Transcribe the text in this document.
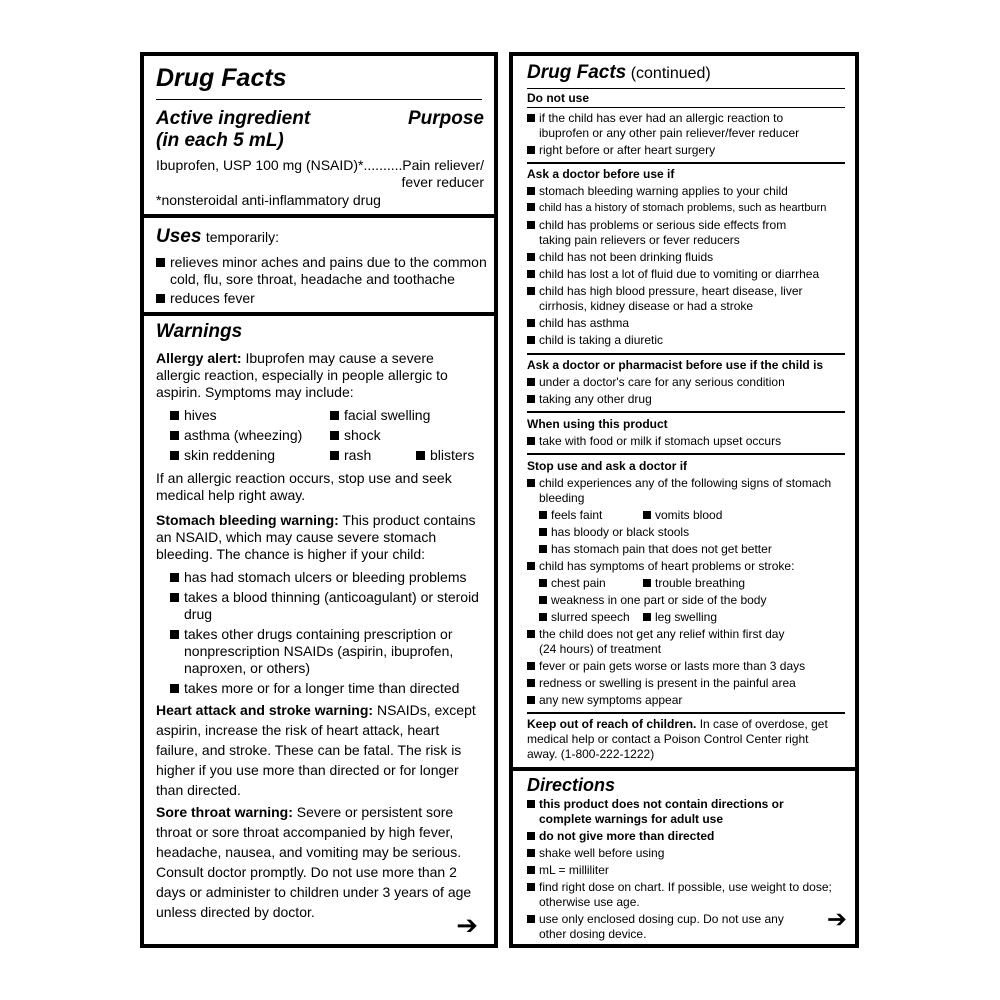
Drug Facts
Active ingredient
(in each 5 mL)
Purpose
Ibuprofen, USP 100 mg (NSAID)*.......... Pain reliever/
fever reducer
*nonsteroidal anti-inflammatory drug
Uses temporarily:
relieves minor aches and pains due to the common
cold, flu, sore throat, headache and toothache
reduces fever
Warnings
Allergy alert: Ibuprofen may cause a severe
allergic reaction, especially in people allergic to
aspirin. Symptoms may include:
hives	facial swelling
asthma (wheezing)	shock
skin reddening	rash	blisters
If an allergic reaction occurs, stop use and seek
medical help right away.
Stomach bleeding warning: This product contains
an NSAID, which may cause severe stomach
bleeding. The chance is higher if your child:
has had stomach ulcers or bleeding problems
takes a blood thinning (anticoagulant) or steroid
drug
takes other drugs containing prescription or
nonprescription NSAIDs (aspirin, ibuprofen,
naproxen, or others)
takes more or for a longer time than directed
Heart attack and stroke warning: NSAIDs, except
aspirin, increase the risk of heart attack, heart
failure, and stroke. These can be fatal. The risk is
higher if you use more than directed or for longer
than directed.
Sore throat warning: Severe or persistent sore
throat or sore throat accompanied by high fever,
headache, nausea, and vomiting may be serious.
Consult doctor promptly. Do not use more than 2
days or administer to children under 3 years of age
unless directed by doctor.	➔
Drug Facts (continued)
Do not use
if the child has ever had an allergic reaction to
ibuprofen or any other pain reliever/fever reducer
right before or after heart surgery
Ask a doctor before use if
stomach bleeding warning applies to your child
child has a history of stomach problems, such as heartburn
child has problems or serious side effects from
taking pain relievers or fever reducers
child has not been drinking fluids
child has lost a lot of fluid due to vomiting or diarrhea
child has high blood pressure, heart disease, liver
cirrhosis, kidney disease or had a stroke
child has asthma
child is taking a diuretic
Ask a doctor or pharmacist before use if the child is
under a doctor's care for any serious condition
taking any other drug
When using this product
take with food or milk if stomach upset occurs
Stop use and ask a doctor if
child experiences any of the following signs of stomach
bleeding
feels faint	vomits blood
has bloody or black stools
has stomach pain that does not get better
child has symptoms of heart problems or stroke:
chest pain	trouble breathing
weakness in one part or side of the body
slurred speech	leg swelling
the child does not get any relief within first day
(24 hours) of treatment
fever or pain gets worse or lasts more than 3 days
redness or swelling is present in the painful area
any new symptoms appear
Keep out of reach of children. In case of overdose, get
medical help or contact a Poison Control Center right
away. (1-800-222-1222)
Directions
this product does not contain directions or
complete warnings for adult use
do not give more than directed
shake well before using
mL = milliliter
find right dose on chart. If possible, use weight to dose;
otherwise use age.
use only enclosed dosing cup. Do not use any
other dosing device.
➔
